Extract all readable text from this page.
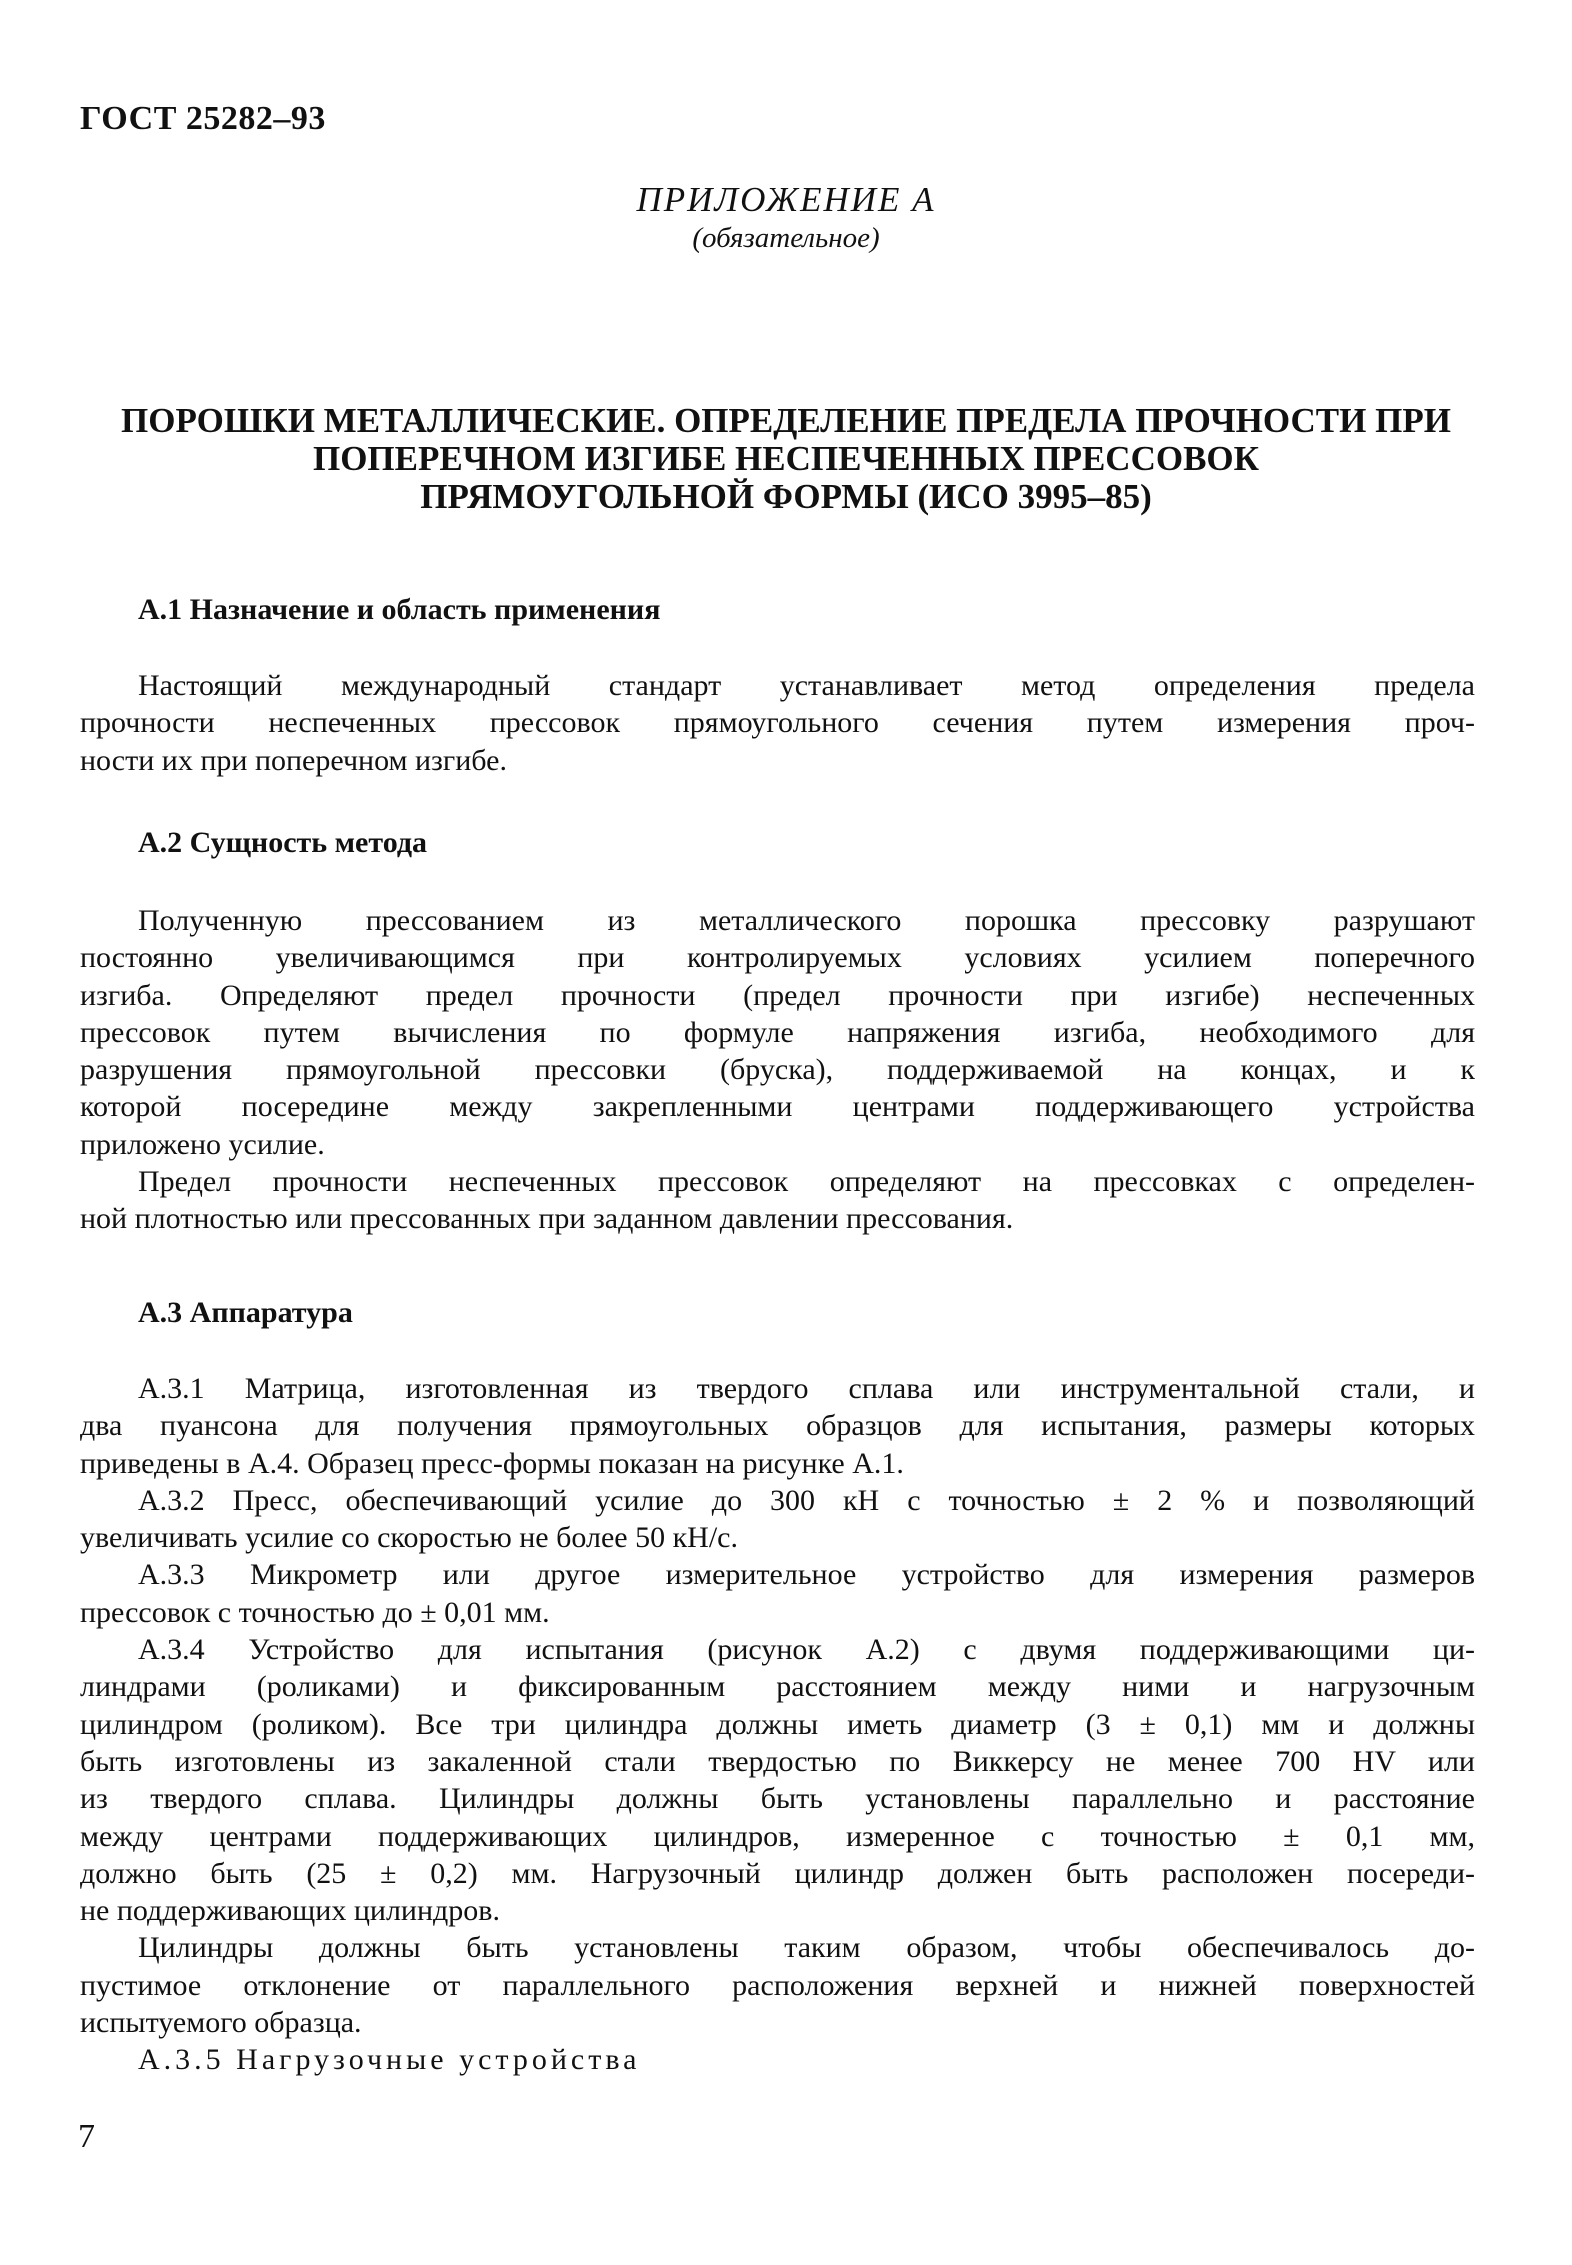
ГОСТ 25282–93
ПРИЛОЖЕНИЕ А
(обязательное)
ПОРОШКИ МЕТАЛЛИЧЕСКИЕ. ОПРЕДЕЛЕНИЕ ПРЕДЕЛА ПРОЧНОСТИ ПРИ
ПОПЕРЕЧНОМ ИЗГИБЕ НЕСПЕЧЕННЫХ ПРЕССОВОК
ПРЯМОУГОЛЬНОЙ ФОРМЫ (ИСО 3995–85)
А.1 Назначение и область применения
Настоящий международный стандарт устанавливает метод определения предела
прочности неспеченных прессовок прямоугольного сечения путем измерения проч-
ности их при поперечном изгибе.
А.2 Сущность метода
Полученную прессованием из металлического порошка прессовку разрушают
постоянно увеличивающимся при контролируемых условиях усилием поперечного
изгиба. Определяют предел прочности (предел прочности при изгибе) неспеченных
прессовок путем вычисления по формуле напряжения изгиба, необходимого для
разрушения прямоугольной прессовки (бруска), поддерживаемой на концах, и к
которой посередине между закрепленными центрами поддерживающего устройства
приложено усилие.
Предел прочности неспеченных прессовок определяют на прессовках с определен-
ной плотностью или прессованных при заданном давлении прессования.
А.3 Аппаратура
А.3.1 Матрица, изготовленная из твердого сплава или инструментальной стали, и
два пуансона для получения прямоугольных образцов для испытания, размеры которых
приведены в А.4. Образец пресс-формы показан на рисунке А.1.
А.3.2 Пресс, обеспечивающий усилие до 300 кН с точностью ± 2 % и позволяющий
увеличивать усилие со скоростью не более 50 кН/с.
А.3.3 Микрометр или другое измерительное устройство для измерения размеров
прессовок с точностью до ± 0,01 мм.
А.3.4 Устройство для испытания (рисунок А.2) с двумя поддерживающими ци-
линдрами (роликами) и фиксированным расстоянием между ними и нагрузочным
цилиндром (роликом). Все три цилиндра должны иметь диаметр (3 ± 0,1) мм и должны
быть изготовлены из закаленной стали твердостью по Виккерсу не менее 700 HV или
из твердого сплава. Цилиндры должны быть установлены параллельно и расстояние
между центрами поддерживающих цилиндров, измеренное с точностью ± 0,1 мм,
должно быть (25 ± 0,2) мм. Нагрузочный цилиндр должен быть расположен посереди-
не поддерживающих цилиндров.
Цилиндры должны быть установлены таким образом, чтобы обеспечивалось до-
пустимое отклонение от параллельного расположения верхней и нижней поверхностей
испытуемого образца.
А.3.5 Нагрузочные устройства
7
